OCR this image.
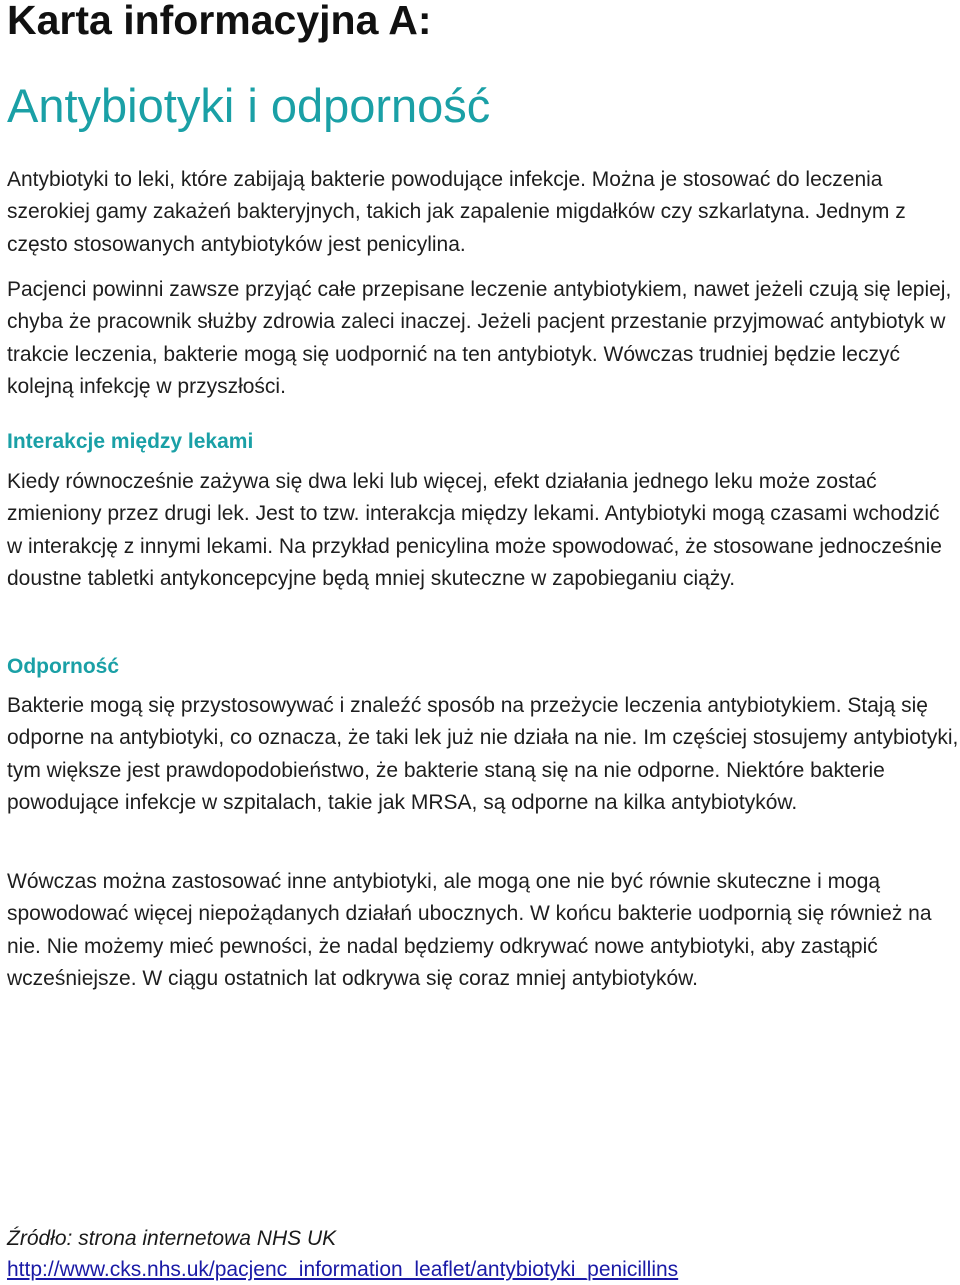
Karta informacyjna A:
Antybiotyki i odporność

Antybiotyki to leki, które zabijają bakterie powodujące infekcje. Można je stosować do leczenia szerokiej gamy zakażeń bakteryjnych, takich jak zapalenie migdałków czy szkarlatyna. Jednym z często stosowanych antybiotyków jest penicylina.

Pacjenci powinni zawsze przyjąć całe przepisane leczenie antybiotykiem, nawet jeżeli czują się lepiej, chyba że pracownik służby zdrowia zaleci inaczej. Jeżeli pacjent przestanie przyjmować antybiotyk w trakcie leczenia, bakterie mogą się uodpornić na ten antybiotyk. Wówczas trudniej będzie leczyć kolejną infekcję w przyszłości.

Interakcje między lekami

Kiedy równocześnie zażywa się dwa leki lub więcej, efekt działania jednego leku może zostać zmieniony przez drugi lek. Jest to tzw. interakcja między lekami. Antybiotyki mogą czasami wchodzić w interakcję z innymi lekami. Na przykład penicylina może spowodować, że stosowane jednocześnie doustne tabletki antykoncepcyjne będą mniej skuteczne w zapobieganiu ciąży.

Odporność

Bakterie mogą się przystosowywać i znaleźć sposób na przeżycie leczenia antybiotykiem. Stają się odporne na antybiotyki, co oznacza, że taki lek już nie działa na nie. Im częściej stosujemy antybiotyki, tym większe jest prawdopodobieństwo, że bakterie staną się na nie odporne. Niektóre bakterie powodujące infekcje w szpitalach, takie jak MRSA, są odporne na kilka antybiotyków.

Wówczas można zastosować inne antybiotyki, ale mogą one nie być równie skuteczne i mogą spowodować więcej niepożądanych działań ubocznych. W końcu bakterie uodpornią się również na nie. Nie możemy mieć pewności, że nadal będziemy odkrywać nowe antybiotyki, aby zastąpić wcześniejsze. W ciągu ostatnich lat odkrywa się coraz mniej antybiotyków.

Źródło: strona internetowa NHS UK

http://www.cks.nhs.uk/pacjenc_information_leaflet/antybiotyki_penicillins
